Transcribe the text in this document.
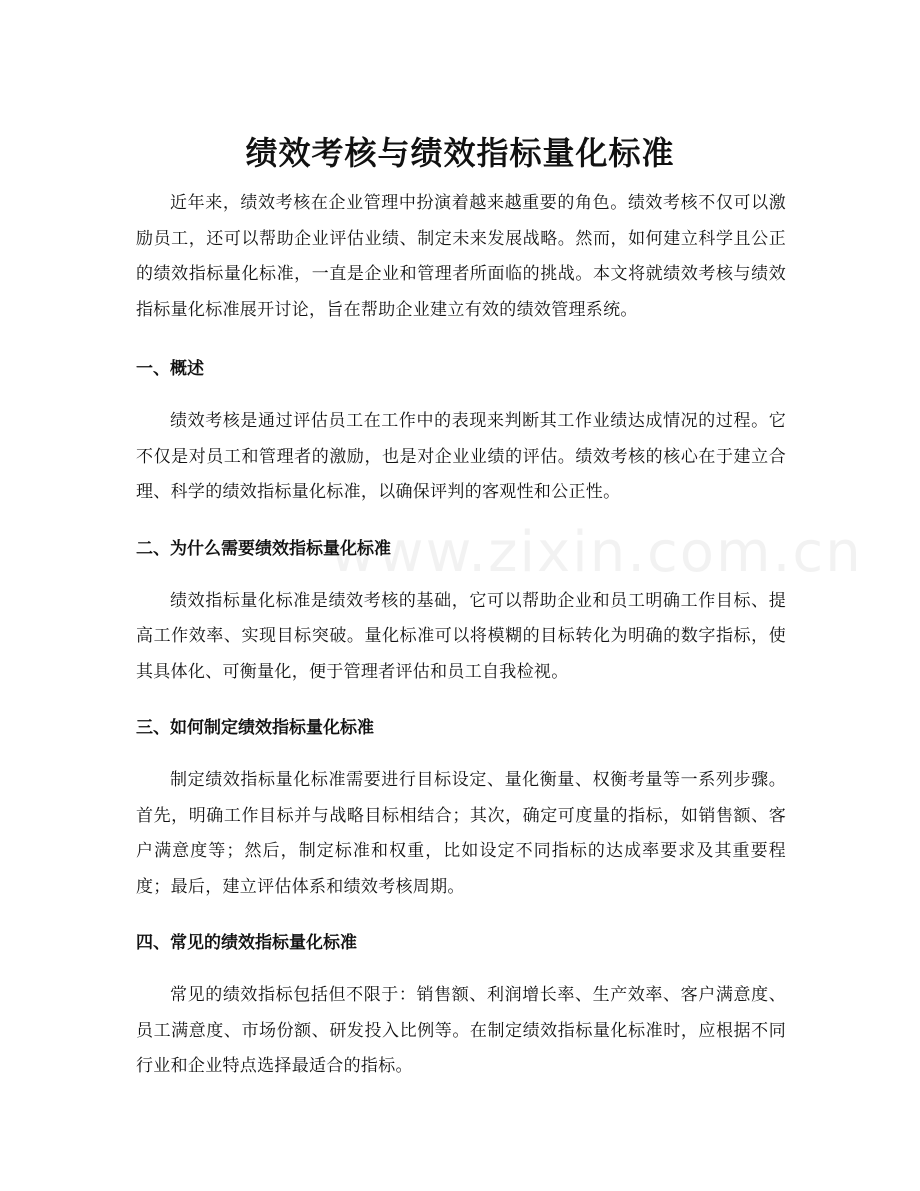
www.zixin.com.cn
绩效考核与绩效指标量化标准

近年来，绩效考核在企业管理中扮演着越来越重要的角色。绩效考核不仅可以激励员工，还可以帮助企业评估业绩、制定未来发展战略。然而，如何建立科学且公正的绩效指标量化标准，一直是企业和管理者所面临的挑战。本文将就绩效考核与绩效指标量化标准展开讨论，旨在帮助企业建立有效的绩效管理系统。

一、概述

绩效考核是通过评估员工在工作中的表现来判断其工作业绩达成情况的过程。它不仅是对员工和管理者的激励，也是对企业业绩的评估。绩效考核的核心在于建立合理、科学的绩效指标量化标准，以确保评判的客观性和公正性。

二、为什么需要绩效指标量化标准

绩效指标量化标准是绩效考核的基础，它可以帮助企业和员工明确工作目标、提高工作效率、实现目标突破。量化标准可以将模糊的目标转化为明确的数字指标，使其具体化、可衡量化，便于管理者评估和员工自我检视。

三、如何制定绩效指标量化标准

制定绩效指标量化标准需要进行目标设定、量化衡量、权衡考量等一系列步骤。首先，明确工作目标并与战略目标相结合；其次，确定可度量的指标，如销售额、客户满意度等；然后，制定标准和权重，比如设定不同指标的达成率要求及其重要程度；最后，建立评估体系和绩效考核周期。

四、常见的绩效指标量化标准

常见的绩效指标包括但不限于：销售额、利润增长率、生产效率、客户满意度、员工满意度、市场份额、研发投入比例等。在制定绩效指标量化标准时，应根据不同行业和企业特点选择最适合的指标。
